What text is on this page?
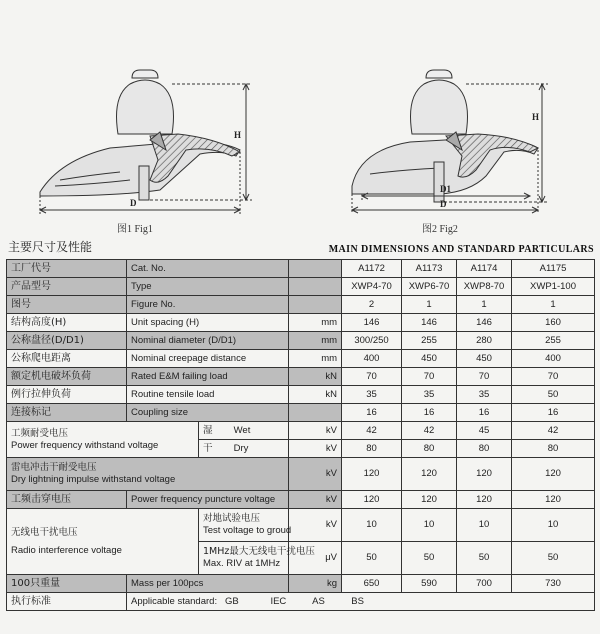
H
D
H
D1
D
图1 Fig1	图2 Fig2
主要尺寸及性能	MAIN DIMENSIONS AND STANDARD PARTICULARS
工厂代号	Cat. No.			A1172	A1173	A1174	A1175
产品型号	Type			XWP4-70	XWP6-70	XWP8-70	XWP1-100
图号	Figure No.			2	1	1	1
结构高度(H)	Unit spacing (H)		mm	146	146	146	160
公称盘径(D/D1)	Nominal diameter (D/D1)		mm	300/250	255	280	255
公称爬电距离	Nominal creepage distance		mm	400	450	450	400
额定机电破坏负荷	Rated E&M failing load		kN	70	70	70	70
例行拉伸负荷	Routine tensile load		kN	35	35	35	50
连接标记	Coupling size			16	16	16	16

工频耐受电压
Power frequency withstand voltage		湿 Wet	kV	42	42	45	42
		干 Dry	kV	80	80	80	80

雷电冲击干耐受电压
Dry lightning impulse withstand voltage			kV	120	120	120	120
工频击穿电压	Power frequency puncture voltage		kV	120	120	120	120

无线电干扰电压
Radio interference voltage		对地试验电压
Test voltage to groud	kV	10	10	10	10

		1MHz最大无线电干扰电压
Max. RIV at 1MHz	μV	50	50	50	50
100只重量	Mass per 100pcs		kg	650	590	700	730
执行标准	Applicable standard: GB IEC AS BS						
